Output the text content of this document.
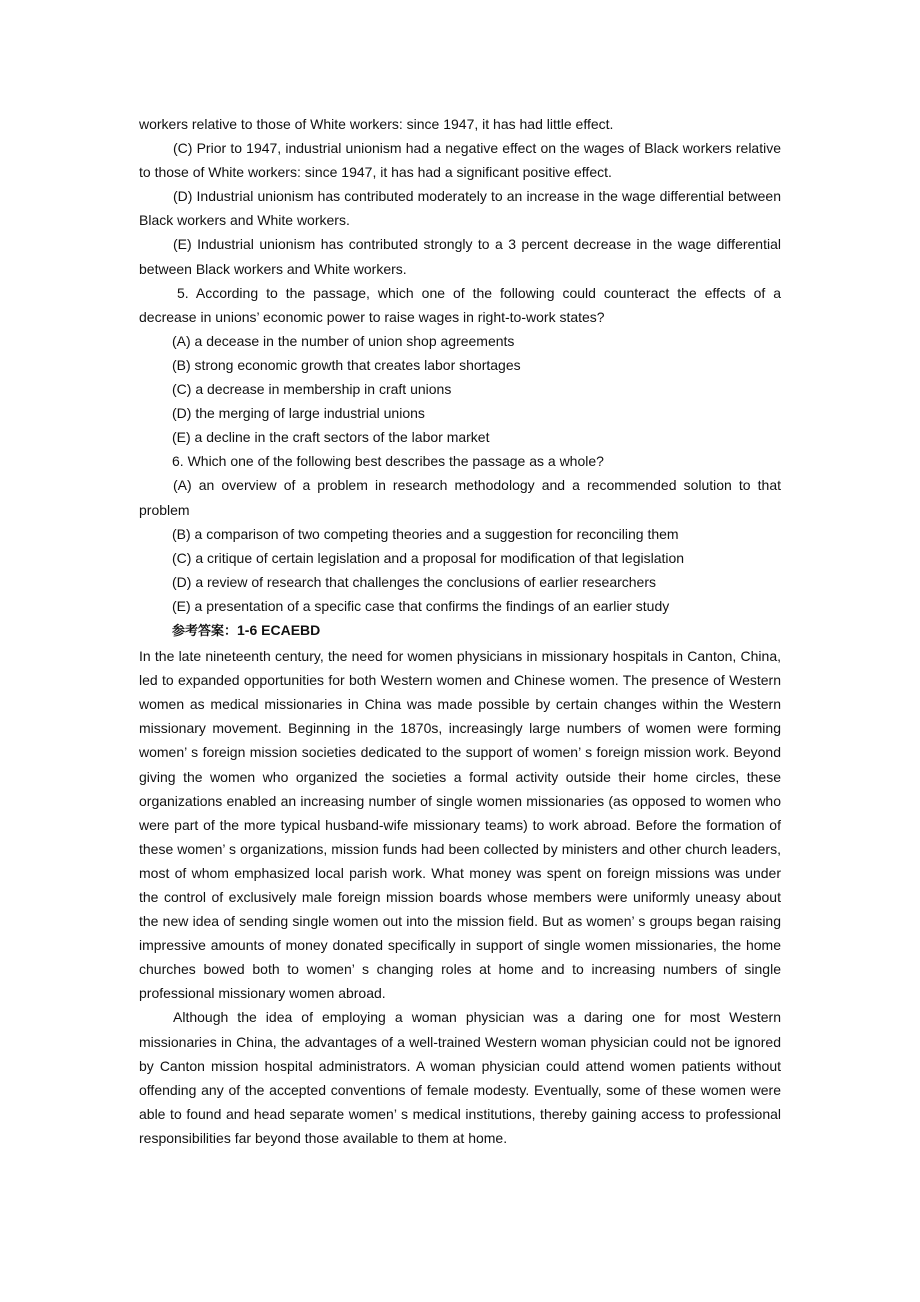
workers relative to those of White workers: since 1947, it has had little effect.

(C) Prior to 1947, industrial unionism had a negative effect on the wages of Black workers relative to those of White workers: since 1947, it has had a significant positive effect.

(D) Industrial unionism has contributed moderately to an increase in the wage differential between Black workers and White workers.

(E) Industrial unionism has contributed strongly to a 3 percent decrease in the wage differential between Black workers and White workers.

5. According to the passage, which one of the following could counteract the effects of a decrease in unions’ economic power to raise wages in right-to-work states?

(A) a decease in the number of union shop agreements

(B) strong economic growth that creates labor shortages

(C) a decrease in membership in craft unions

(D) the merging of large industrial unions

(E) a decline in the craft sectors of the labor market

6. Which one of the following best describes the passage as a whole?

(A) an overview of a problem in research methodology and a recommended solution to that problem

(B) a comparison of two competing theories and a suggestion for reconciling them

(C) a critique of certain legislation and a proposal for modification of that legislation

(D) a review of research that challenges the conclusions of earlier researchers

(E) a presentation of a specific case that confirms the findings of an earlier study

参考答案：1-6 ECAEBD

In the late nineteenth century, the need for women physicians in missionary hospitals in Canton, China, led to expanded opportunities for both Western women and Chinese women. The presence of Western women as medical missionaries in China was made possible by certain changes within the Western missionary movement. Beginning in the 1870s, increasingly large numbers of women were forming women’ s foreign mission societies dedicated to the support of women’ s foreign mission work. Beyond giving the women who organized the societies a formal activity outside their home circles, these organizations enabled an increasing number of single women missionaries (as opposed to women who were part of the more typical husband-wife missionary teams) to work abroad. Before the formation of these women’ s organizations, mission funds had been collected by ministers and other church leaders, most of whom emphasized local parish work. What money was spent on foreign missions was under the control of exclusively male foreign mission boards whose members were uniformly uneasy about the new idea of sending single women out into the mission field. But as women’ s groups began raising impressive amounts of money donated specifically in support of single women missionaries, the home churches bowed both to women’ s changing roles at home and to increasing numbers of single professional missionary women abroad.

Although the idea of employing a woman physician was a daring one for most Western missionaries in China, the advantages of a well-trained Western woman physician could not be ignored by Canton mission hospital administrators. A woman physician could attend women patients without offending any of the accepted conventions of female modesty. Eventually, some of these women were able to found and head separate women’ s medical institutions, thereby gaining access to professional responsibilities far beyond those available to them at home.
